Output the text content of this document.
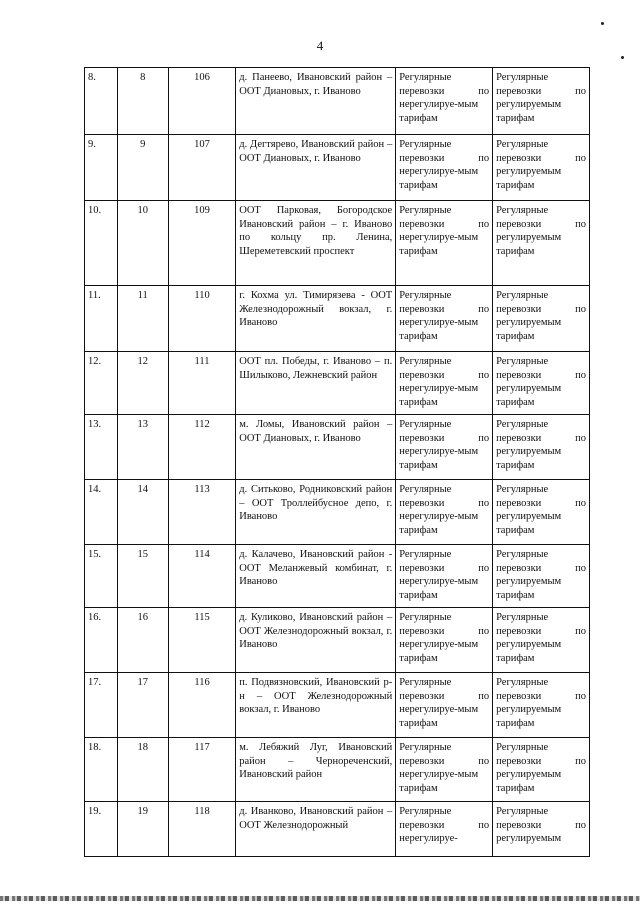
4
8.	8	106	д. Панеево, Ивановский район – ООТ Диановых, г. Иваново	Регулярные перевозки по нерегулируе-мым тарифам	Регулярные перевозки по регулируемым тарифам
9.	9	107	д. Дегтярево, Ивановский район – ООТ Диановых, г. Иваново	Регулярные перевозки по нерегулируе-мым тарифам	Регулярные перевозки по регулируемым тарифам
10.	10	109	ООТ Парковая, Богородское Ивановский район – г. Иваново по кольцу пр. Ленина, Шереметевский проспект	Регулярные перевозки по нерегулируе-мым тарифам	Регулярные перевозки по регулируемым тарифам
11.	11	110	г. Кохма ул. Тимирязева - ООТ Железнодорожный вокзал, г. Иваново	Регулярные перевозки по нерегулируе-мым тарифам	Регулярные перевозки по регулируемым тарифам
12.	12	111	ООТ пл. Победы, г. Иваново – п. Шилыково, Лежневский район	Регулярные перевозки по нерегулируе-мым тарифам	Регулярные перевозки по регулируемым тарифам
13.	13	112	м. Ломы, Ивановский район – ООТ Диановых, г. Иваново	Регулярные перевозки по нерегулируе-мым тарифам	Регулярные перевозки по регулируемым тарифам
14.	14	113	д. Ситьково, Родниковский район – ООТ Троллейбусное депо, г. Иваново	Регулярные перевозки по нерегулируе-мым тарифам	Регулярные перевозки по регулируемым тарифам
15.	15	114	д. Калачево, Ивановский район - ООТ Меланжевый комбинат, г. Иваново	Регулярные перевозки по нерегулируе-мым тарифам	Регулярные перевозки по регулируемым тарифам
16.	16	115	д. Куликово, Ивановский район – ООТ Железнодорожный вокзал, г. Иваново	Регулярные перевозки по нерегулируе-мым тарифам	Регулярные перевозки по регулируемым тарифам
17.	17	116	п. Подвязновский, Ивановский р-н – ООТ Железнодорожный вокзал, г. Иваново	Регулярные перевозки по нерегулируе-мым тарифам	Регулярные перевозки по регулируемым тарифам
18.	18	117	м. Лебяжий Луг, Ивановский район – Чернореченский, Ивановский район	Регулярные перевозки по нерегулируе-мым тарифам	Регулярные перевозки по регулируемым тарифам
19.	19	118	д. Иванково, Ивановский район – ООТ Железнодорожный	Регулярные перевозки по нерегулируе-	Регулярные перевозки по регулируемым
